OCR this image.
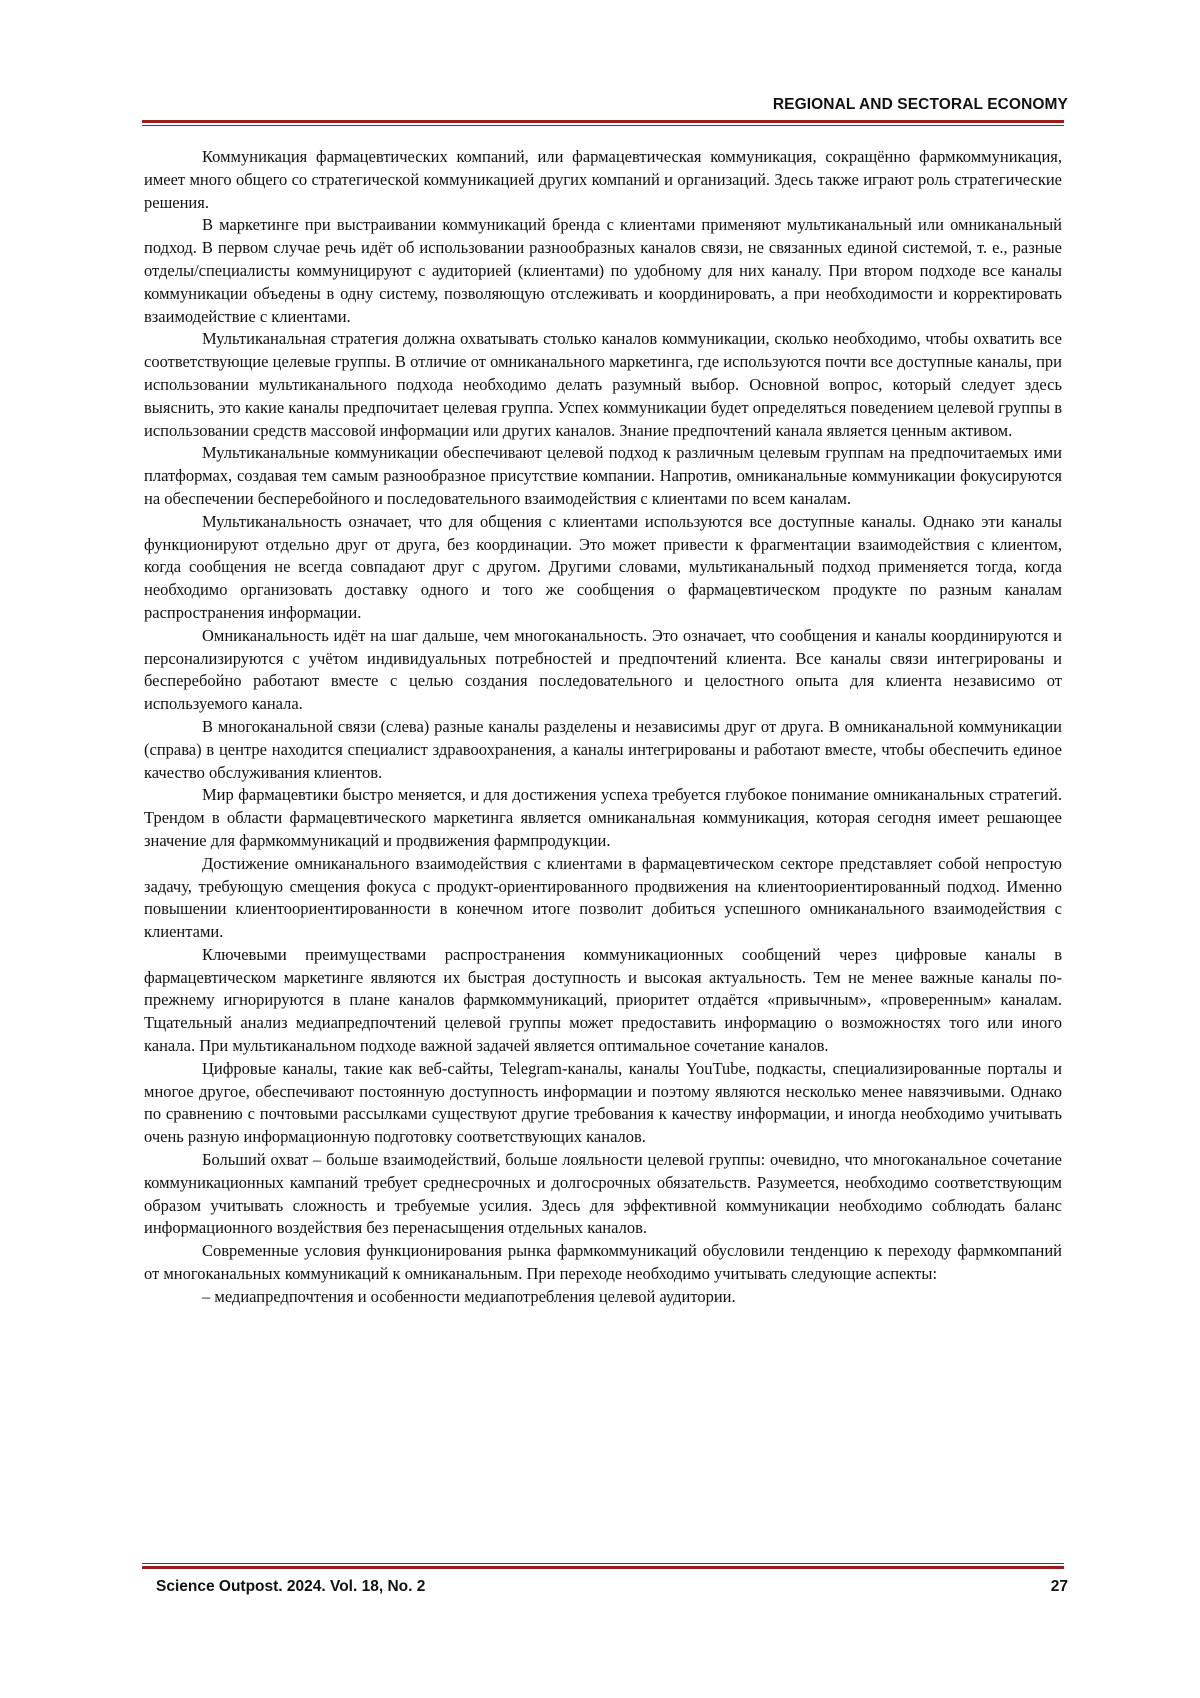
REGIONAL AND SECTORAL ECONOMY

Коммуникация фармацевтических компаний, или фармацевтическая коммуникация, сокращённо фармкоммуникация, имеет много общего со стратегической коммуникацией других компаний и организаций. Здесь также играют роль стратегические решения.

В маркетинге при выстраивании коммуникаций бренда с клиентами применяют мультиканальный или омниканальный подход. В первом случае речь идёт об использовании разнообразных каналов связи, не связанных единой системой, т. е., разные отделы/специалисты коммуницируют с аудиторией (клиентами) по удобному для них каналу. При втором подходе все каналы коммуникации объедены в одну систему, позволяющую отслеживать и координировать, а при необходимости и корректировать взаимодействие с клиентами.

Мультиканальная стратегия должна охватывать столько каналов коммуникации, сколько необходимо, чтобы охватить все соответствующие целевые группы. В отличие от омниканального маркетинга, где используются почти все доступные каналы, при использовании мультиканального подхода необходимо делать разумный выбор. Основной вопрос, который следует здесь выяснить, это какие каналы предпочитает целевая группа. Успех коммуникации будет определяться поведением целевой группы в использовании средств массовой информации или других каналов. Знание предпочтений канала является ценным активом.

Мультиканальные коммуникации обеспечивают целевой подход к различным целевым группам на предпочитаемых ими платформах, создавая тем самым разнообразное присутствие компании. Напротив, омниканальные коммуникации фокусируются на обеспечении бесперебойного и последовательного взаимодействия с клиентами по всем каналам.

Мультиканальность означает, что для общения с клиентами используются все доступные каналы. Однако эти каналы функционируют отдельно друг от друга, без координации. Это может привести к фрагментации взаимодействия с клиентом, когда сообщения не всегда совпадают друг с другом. Другими словами, мультиканальный подход применяется тогда, когда необходимо организовать доставку одного и того же сообщения о фармацевтическом продукте по разным каналам распространения информации.

Омниканальность идёт на шаг дальше, чем многоканальность. Это означает, что сообщения и каналы координируются и персонализируются с учётом индивидуальных потребностей и предпочтений клиента. Все каналы связи интегрированы и бесперебойно работают вместе с целью создания последовательного и целостного опыта для клиента независимо от используемого канала.

В многоканальной связи (слева) разные каналы разделены и независимы друг от друга. В омниканальной коммуникации (справа) в центре находится специалист здравоохранения, а каналы интегрированы и работают вместе, чтобы обеспечить единое качество обслуживания клиентов.

Мир фармацевтики быстро меняется, и для достижения успеха требуется глубокое понимание омниканальных стратегий. Трендом в области фармацевтического маркетинга является омниканальная коммуникация, которая сегодня имеет решающее значение для фармкоммуникаций и продвижения фармпродукции.

Достижение омниканального взаимодействия с клиентами в фармацевтическом секторе представляет собой непростую задачу, требующую смещения фокуса с продукт-ориентированного продвижения на клиентоориентированный подход. Именно повышении клиентоориентированности в конечном итоге позволит добиться успешного омниканального взаимодействия с клиентами.

Ключевыми преимуществами распространения коммуникационных сообщений через цифровые каналы в фармацевтическом маркетинге являются их быстрая доступность и высокая актуальность. Тем не менее важные каналы по-прежнему игнорируются в плане каналов фармкоммуникаций, приоритет отдаётся «привычным», «проверенным» каналам. Тщательный анализ медиапредпочтений целевой группы может предоставить информацию о возможностях того или иного канала. При мультиканальном подходе важной задачей является оптимальное сочетание каналов.

Цифровые каналы, такие как веб-сайты, Telegram-каналы, каналы YouTube, подкасты, специализированные порталы и многое другое, обеспечивают постоянную доступность информации и поэтому являются несколько менее навязчивыми. Однако по сравнению с почтовыми рассылками существуют другие требования к качеству информации, и иногда необходимо учитывать очень разную информационную подготовку соответствующих каналов.

Больший охват – больше взаимодействий, больше лояльности целевой группы: очевидно, что многоканальное сочетание коммуникационных кампаний требует среднесрочных и долгосрочных обязательств. Разумеется, необходимо соответствующим образом учитывать сложность и требуемые усилия. Здесь для эффективной коммуникации необходимо соблюдать баланс информационного воздействия без перенасыщения отдельных каналов.

Современные условия функционирования рынка фармкоммуникаций обусловили тенденцию к переходу фармкомпаний от многоканальных коммуникаций к омниканальным. При переходе необходимо учитывать следующие аспекты:

– медиапредпочтения и особенности медиапотребления целевой аудитории.

Science Outpost. 2024. Vol. 18, No. 2	27
